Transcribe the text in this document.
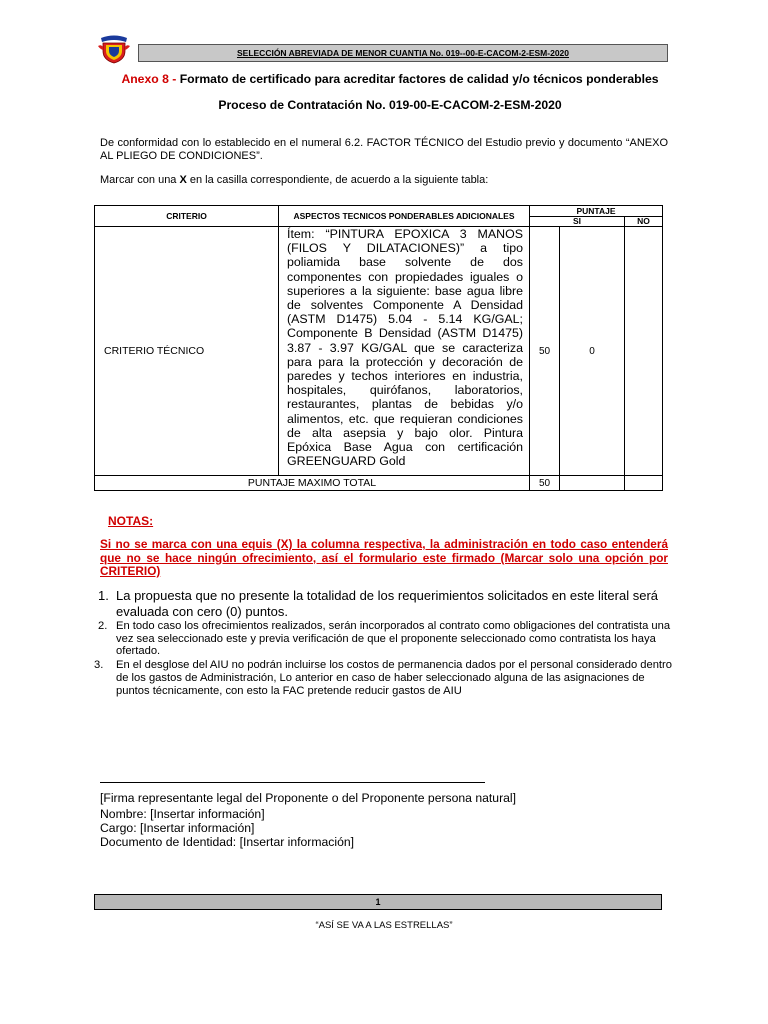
SELECCIÓN ABREVIADA DE MENOR CUANTIA No. 019--00-E-CACOM-2-ESM-2020
Anexo 8 - Formato de certificado para acreditar factores de calidad y/o técnicos ponderables
Proceso de Contratación No. 019-00-E-CACOM-2-ESM-2020
De conformidad con lo establecido en el numeral 6.2. FACTOR TÉCNICO del Estudio previo y documento “ANEXO AL PLIEGO DE CONDICIONES”.
Marcar con una X en la casilla correspondiente, de acuerdo a la siguiente tabla:
CRITERIO	ASPECTOS TECNICOS PONDERABLES ADICIONALES	PUNTAJE		
		SI		NO
CRITERIO TÉCNICO	Ítem: “PINTURA EPOXICA 3 MANOS (FILOS Y DILATACIONES)” a tipo poliamida base solvente de dos componentes con propiedades iguales o superiores a la siguiente: base agua libre de solventes Componente A Densidad (ASTM D1475) 5.04 - 5.14 KG/GAL; Componente B Densidad (ASTM D1475) 3.87 - 3.97 KG/GAL que se caracteriza para para la protección y decoración de paredes y techos interiores en industria, hospitales, quirófanos, laboratorios, restaurantes, plantas de bebidas y/o alimentos, etc. que requieran condiciones de alta asepsia y bajo olor. Pintura Epóxica Base Agua con certificación GREENGUARD Gold	50	0	
PUNTAJE MAXIMO TOTAL		50		
NOTAS:
Si no se marca con una equis (X) la columna respectiva, la administración en todo caso entenderá que no se hace ningún ofrecimiento, así el formulario este firmado (Marcar solo una opción por CRITERIO)
1. La propuesta que no presente la totalidad de los requerimientos solicitados en este literal será evaluada con cero (0) puntos.
2. En todo caso los ofrecimientos realizados, serán incorporados al contrato como obligaciones del contratista una vez sea seleccionado este y previa verificación de que el proponente seleccionado como contratista los haya ofertado.
3. En el desglose del AIU no podrán incluirse los costos de permanencia dados por el personal considerado dentro de los gastos de Administración, Lo anterior en caso de haber seleccionado alguna de las asignaciones de puntos técnicamente, con esto la FAC pretende reducir gastos de AIU
[Firma representante legal del Proponente o del Proponente persona natural]
Nombre: [Insertar información]
Cargo: [Insertar información]
Documento de Identidad: [Insertar información]
1
“ASÍ SE VA A LAS ESTRELLAS”
